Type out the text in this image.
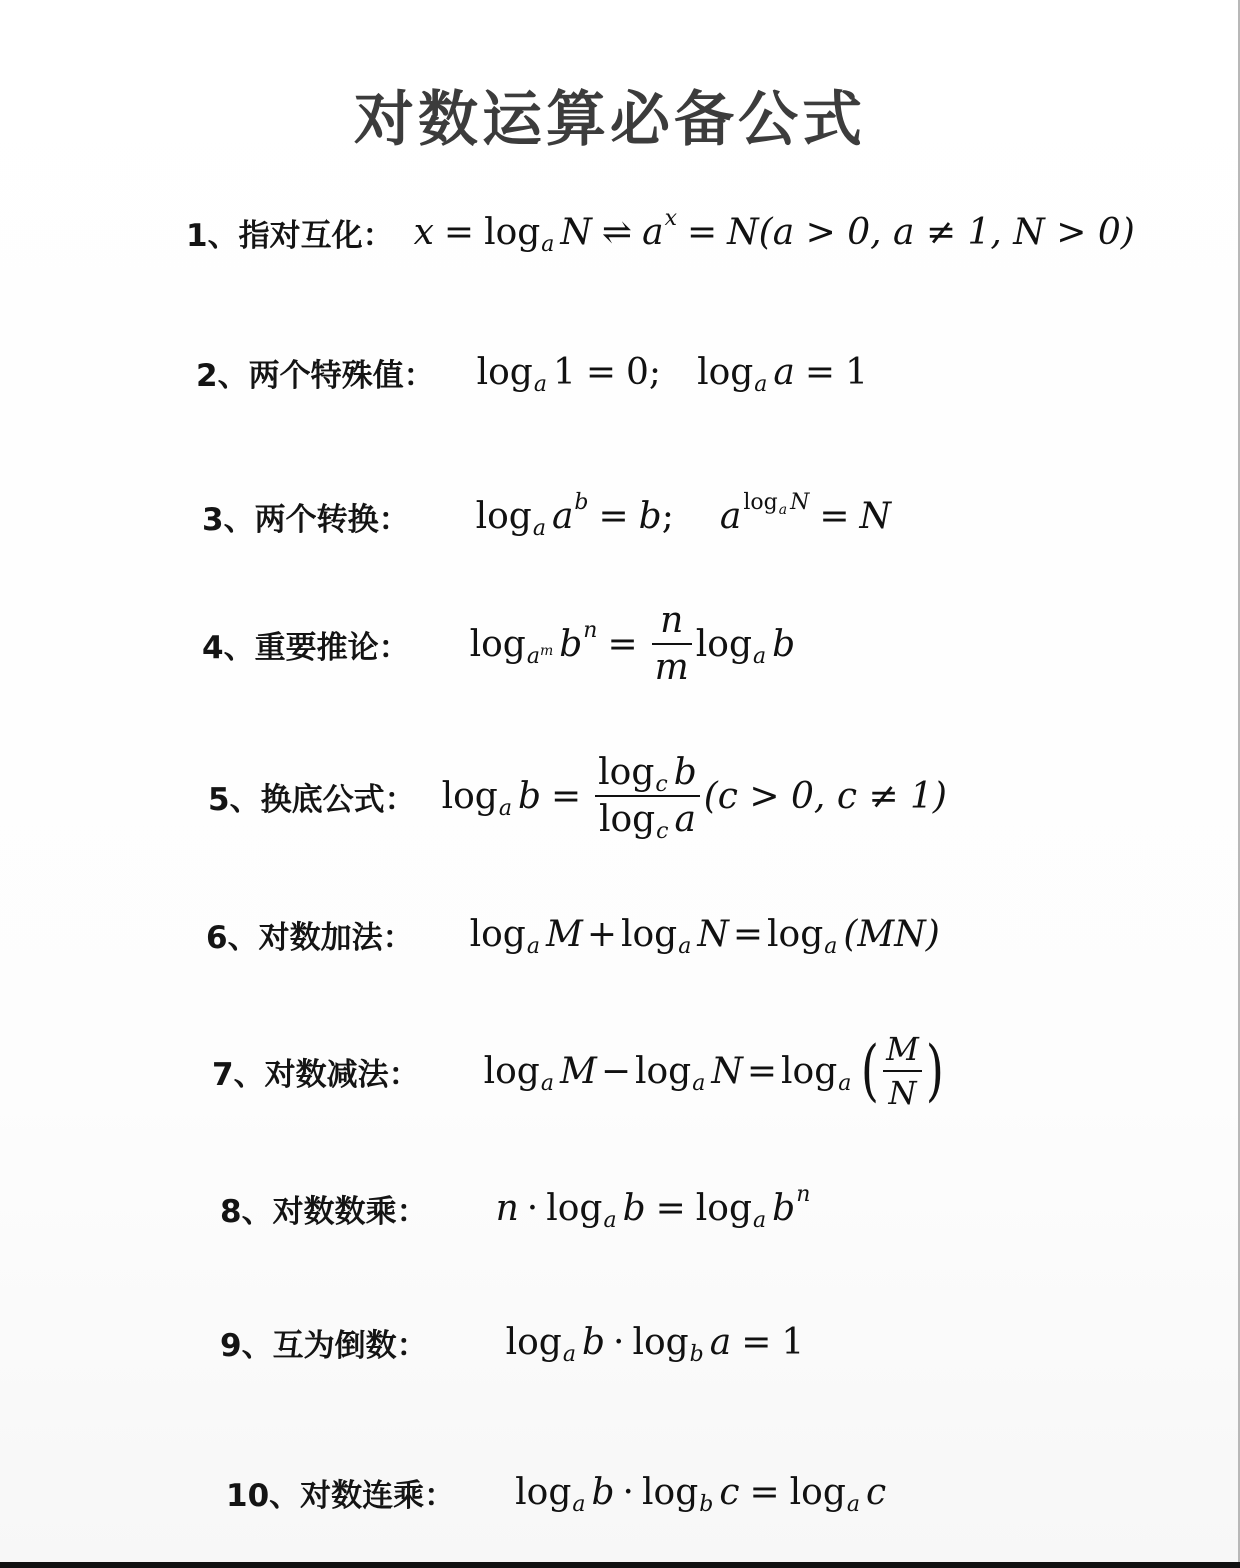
对数运算必备公式
1、指对互化： x = log a N ⇌ a x = N (a > 0, a ≠ 1, N > 0)
2、两个特殊值： log a 1 = 0 ; log a a = 1
3、两个转换： log a a b = b ; a log a N = N
4、重要推论： $\log a^m$ b $n = \frac{n}{m}$ log a b
5、换底公式： log a $b = \frac{\text{log c b}}{\text{log c a}} (c > 0$, c ≠ 1)
6、对数加法： log a M + log a N = log a (MN)
7、对数减法： log a M − log a N = log a ( $\frac{M}{N}$ )
8、对数数乘： n · log a b = log a b n
9、互为倒数： log a b · log b a = 1
10、对数连乘： log a b · log b c = log a c
